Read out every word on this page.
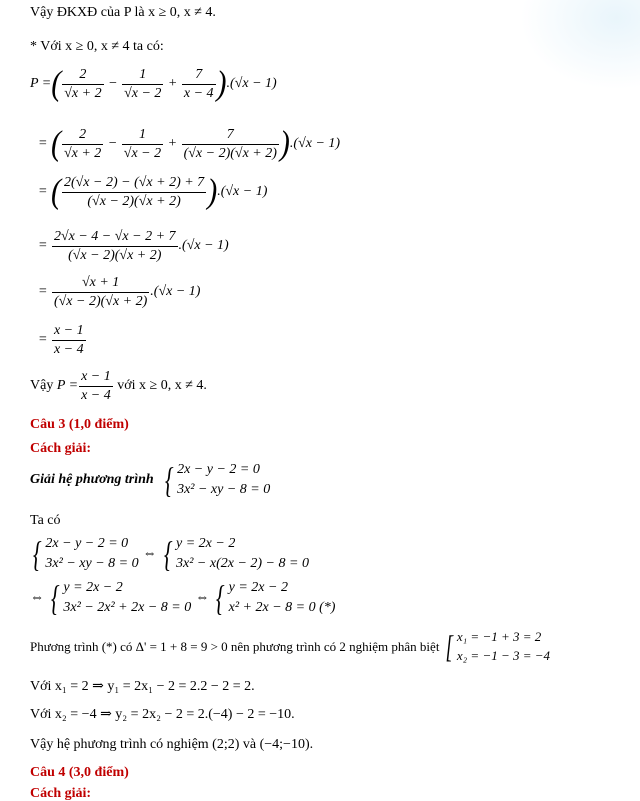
Vậy ĐKXĐ của P là x ≥ 0, x ≠ 4.
* Với x ≥ 0, x ≠ 4 ta có:
P =( $\frac{2}{√x + 2} - \frac{1}{√x - 2} + \frac{7}{x - 4} ).(√x - 1)$
= ( $\frac{2}{√x + 2} - \frac{1}{√x - 2} + \frac{7}{(√x - 2)(√x + 2)} ).(√x - 1)$
= ( $\frac{2(√x - 2) - (√x + 2) + 7}{(√x - 2)(√x + 2)} ).(√x - 1)$
= $\frac{2√x - 4 - √x - 2 + 7}{(√x - 2)(√x + 2)} .(√x - 1)$
= $\frac{√x + 1}{(√x - 2)(√x + 2)} .(√x - 1)$
= $\frac{x - 1}{x - 4}$
Vậy $P = \frac{x - 1}{x - 4}$ với x ≥ 0, x ≠ 4.
Câu 3 (1,0 điểm)
Cách giải:
Giải hệ phương trình { 2x − y − 2 = 0
3x² − xy − 8 = 0
Ta có
{ 2x − y − 2 = 0
3x² − xy − 8 = 0
⇔ { y = 2x − 2
3x² − x(2x − 2) − 8 = 0
⇔ { y = 2x − 2
3x² − 2x² + 2x − 8 = 0
⇔ { y = 2x − 2
x² + 2x − 8 = 0 (*)
Phương trình (*) có Δ' = 1 + 8 = 9 > 0 nên phương trình có 2 nghiệm phân biệt [ x₁ = −1 + 3 = 2
x₂ = −1 − 3 = −4
Với x₁ = 2 ⇒ y₁ = 2x₁ − 2 = 2.2 − 2 = 2.
Với x₂ = −4 ⇒ y₂ = 2x₂ − 2 = 2.(−4) − 2 = −10.
Vậy hệ phương trình có nghiệm (2;2) và (−4;−10).
Câu 4 (3,0 điểm)
Cách giải:
